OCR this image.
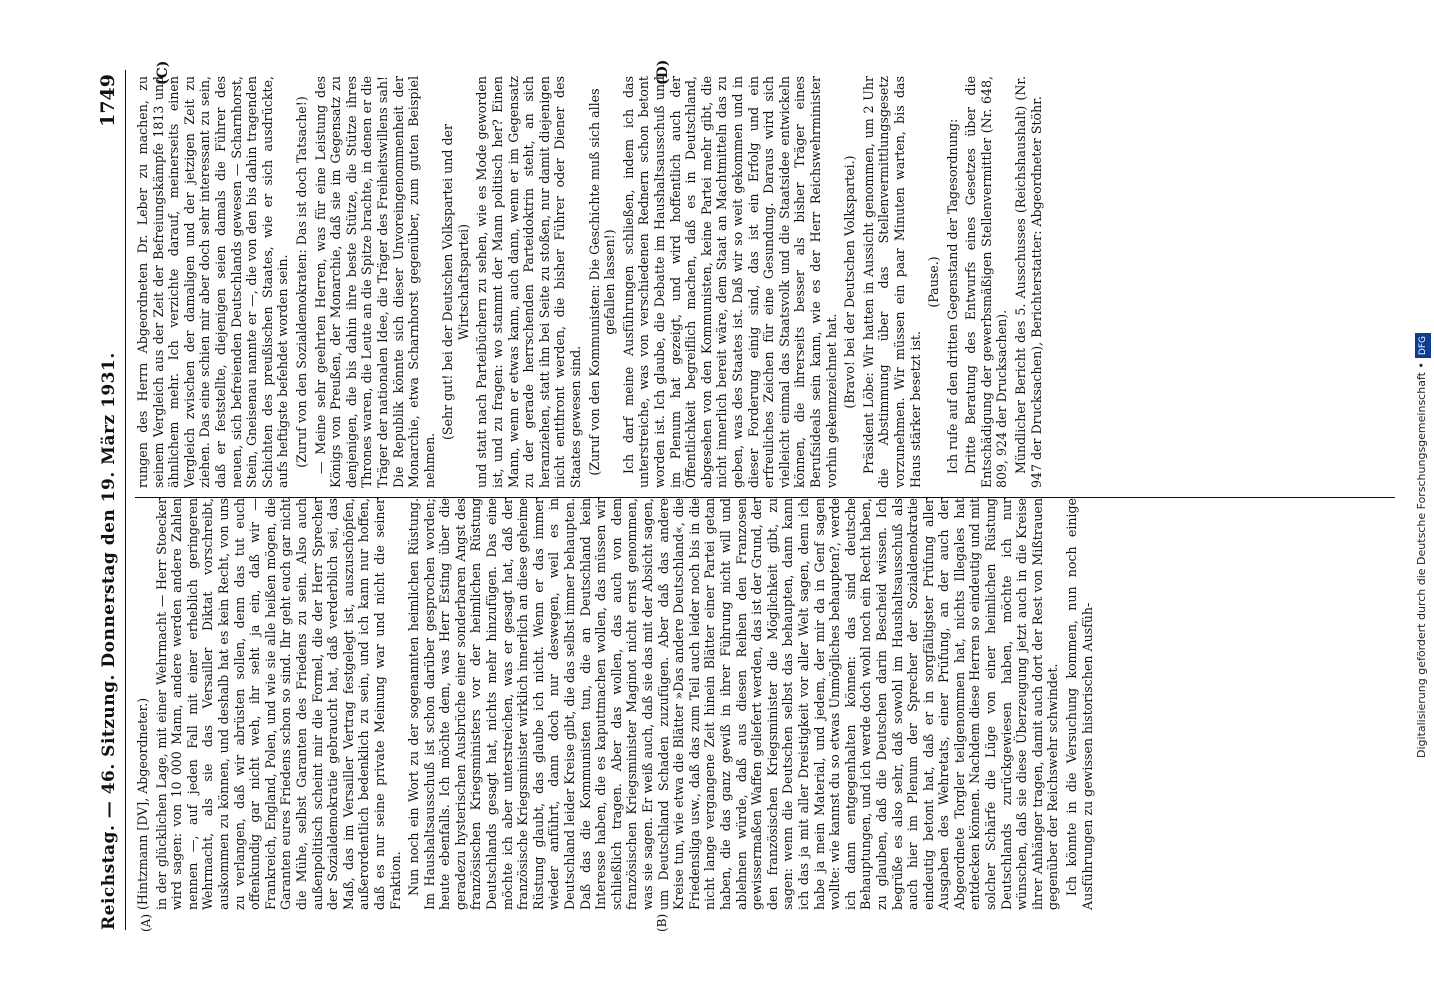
Reichstag. — 46. Sitzung. Donnerstag den 19. März 1931.
1749
(A)	(B)
(C)	(D)

(Hintzmann [DV], Abgeordneter.) in der glücklichen Lage, mit einer Wehrmacht — Herr Stoecker wird sagen: von 10 000 Mann, andere werden andere Zahlen nennen —, auf jeden Fall mit einer erheblich geringeren Wehrmacht, als sie das Versailler Diktat vorschreibt, auskommen zu können, und deshalb hat es kein Recht, von uns zu verlangen, daß wir abrüsten sollen, denn das tut euch offenkundig gar nicht weh, ihr seht ja ein, daß wir — Frankreich, England, Polen, und wie sie alle heißen mögen, die Garanten eures Friedens schon so sind. Ihr geht euch gar nicht die Mühe, selbst Garanten des Friedens zu sein. Also auch außenpolitisch scheint mir die Formel, die der Herr Sprecher der Sozialdemokratie gebraucht hat, daß verderblich sei, das Maß, das im Versailler Vertrag festgelegt ist, auszuschöpfen, außerordentlich bedenklich zu sein, und ich kann nur hoffen, daß es nur seine private Meinung war und nicht die seiner Fraktion. Nun noch ein Wort zu der sogenannten heimlichen Rüstung. Im Haushaltsausschuß ist schon darüber gesprochen worden; heute ebenfalls. Ich möchte dem, was Herr Esting über die geradezu hysterischen Ausbrüche einer sonderbaren Angst des französischen Kriegsministers vor der heimlichen Rüstung Deutschlands gesagt hat, nichts mehr hinzufügen. Das eine möchte ich aber unterstreichen, was er gesagt hat, daß der französische Kriegsminister wirklich innerlich an diese geheime Rüstung glaubt, das glaube ich nicht. Wenn er das immer wieder anführt, dann doch nur deswegen, weil es in Deutschland leider Kreise gibt, die das selbst immer behaupten. Daß das die Kommunisten tun, die an Deutschland kein Interesse haben, die es kaputtmachen wollen, das müssen wir schließlich tragen. Aber das wollen, das auch von dem französischen Kriegsminister Maginot nicht ernst genommen, was sie sagen. Er weiß auch, daß sie das mit der Absicht sagen, um Deutschland Schaden zuzufügen. Aber daß das andere Kreise tun, wie etwa die Blätter »Das andere Deutschland«, die Friedensliga usw., daß das zum Teil auch leider noch bis in die nicht lange vergangene Zeit hinein Blätter einer Partei getan haben, die das ganz gewiß in ihrer Führung nicht will und ablehnen würde, daß aus diesen Reihen den Franzosen gewissermaßen Waffen geliefert werden, das ist der Grund, der den französischen Kriegsminister die Möglichkeit gibt, zu sagen: wenn die Deutschen selbst das behaupten, dann kann ich das ja mit aller Dreistigkeit vor aller Welt sagen, denn ich habe ja mein Material, und jedem, der mir da in Genf sagen wollte: wie kannst du so etwas Unmögliches behaupten?, werde ich dann entgegenhalten können: das sind deutsche Behauptungen, und ich werde doch wohl noch ein Recht haben, zu glauben, daß die Deutschen darin Bescheid wissen. Ich begrüße es also sehr, daß sowohl im Haushaltsausschuß als auch hier im Plenum der Sprecher der Sozialdemokratie eindeutig betont hat, daß er in sorgfältigster Prüfung aller Ausgaben des Wehretats, einer Prüfung, an der auch der Abgeordnete Torgler teilgenommen hat, nichts Illegales hat entdecken können. Nachdem diese Herren so eindeutig und mit solcher Schärfe die Lüge von einer heimlichen Rüstung Deutschlands zurückgewiesen haben, möchte ich nur wünschen, daß sie diese Überzeugung jetzt auch in die Kreise ihrer Anhänger tragen, damit auch dort der Rest von Mißtrauen gegenüber der Reichswehr schwindet. Ich könnte in die Versuchung kommen, nun noch einige Ausführungen zu gewissen historischen Ausfüh-

rungen des Herrn Abgeordneten Dr. Leber zu machen, zu seinem Vergleich aus der Zeit der Befreiungskämpfe 1813 und ähnlichem mehr. Ich verzichte darauf, meinerseits einen Vergleich zwischen der damaligen und der jetzigen Zeit zu ziehen. Das eine schien mir aber doch sehr interessant zu sein, daß er feststellte, diejenigen seien damals die Führer des neuen, sich befreienden Deutschlands gewesen — Scharnhorst, Stein, Gneisenau nannte er —, die von den bis dahin tragenden Schichten des preußischen Staates, wie er sich ausdrückte, aufs heftigste befehdet worden sein. (Zuruf von den Sozialdemokraten: Das ist doch Tatsache!) — Meine sehr geehrten Herren, was für eine Leistung des Königs von Preußen, der Monarchie, daß sie im Gegensatz zu denjenigen, die bis dahin ihre beste Stütze, die Stütze ihres Thrones waren, die Leute an die Spitze brachte, in denen er die Träger der nationalen Idee, die Träger des Freiheitswillens sah! Die Republik könnte sich dieser Unvoreingenommenheit der Monarchie, etwa Scharnhorst gegenüber, zum guten Beispiel nehmen.

(Sehr gut! bei der Deutschen Volkspartei und der Wirtschaftspartei) und statt nach Parteibüchern zu sehen, wie es Mode geworden ist, und zu fragen: wo stammt der Mann politisch her? Einen Mann, wenn er etwas kann, auch dann, wenn er im Gegensatz zu der gerade herrschenden Parteidoktrin steht, an sich heranziehen, statt ihn bei Seite zu stoßen, nur damit diejenigen nicht entthront werden, die bisher Führer oder Diener des Staates gewesen sind. (Zuruf von den Kommunisten: Die Geschichte muß sich alles gefallen lassen!) Ich darf meine Ausführungen schließen, indem ich das unterstreiche, was von verschiedenen Rednern schon betont worden ist. Ich glaube, die Debatte im Haushaltsausschuß und im Plenum hat gezeigt, und wird hoffentlich auch der Öffentlichkeit begreiflich machen, daß es in Deutschland, abgesehen von den Kommunisten, keine Partei mehr gibt, die nicht innerlich bereit wäre, dem Staat an Machtmitteln das zu geben, was des Staates ist. Daß wir so weit gekommen und in dieser Forderung einig sind, das ist ein Erfolg und ein erfreuliches Zeichen für eine Gesundung. Daraus wird sich vielleicht einmal das Staatsvolk und die Staatsidee entwickeln können, die ihrerseits besser als bisher Träger eines Berufsideals sein kann, wie es der Herr Reichswehrminister vorhin gekennzeichnet hat. (Bravo! bei der Deutschen Volkspartei.) Präsident Löbe: Wir hatten in Aussicht genommen, um 2 Uhr die Abstimmung über das Stellenvermittlungsgesetz vorzunehmen. Wir müssen ein paar Minuten warten, bis das Haus stärker besetzt ist.

(Pause.) Ich rufe auf den dritten Gegenstand der Tagesordnung: Dritte Beratung des Entwurfs eines Gesetzes über die Entschädigung der gewerbsmäßigen Stellenvermittler (Nr. 648, 809, 924 der Drucksachen). Mündlicher Bericht des 5. Ausschusses (Reichshaushalt) (Nr. 947 der Drucksachen), Berichterstatter: Abgeordneter Stöhr.

Digitalisierung gefördert durch die Deutsche Forschungsgemeinschaft •DFG
